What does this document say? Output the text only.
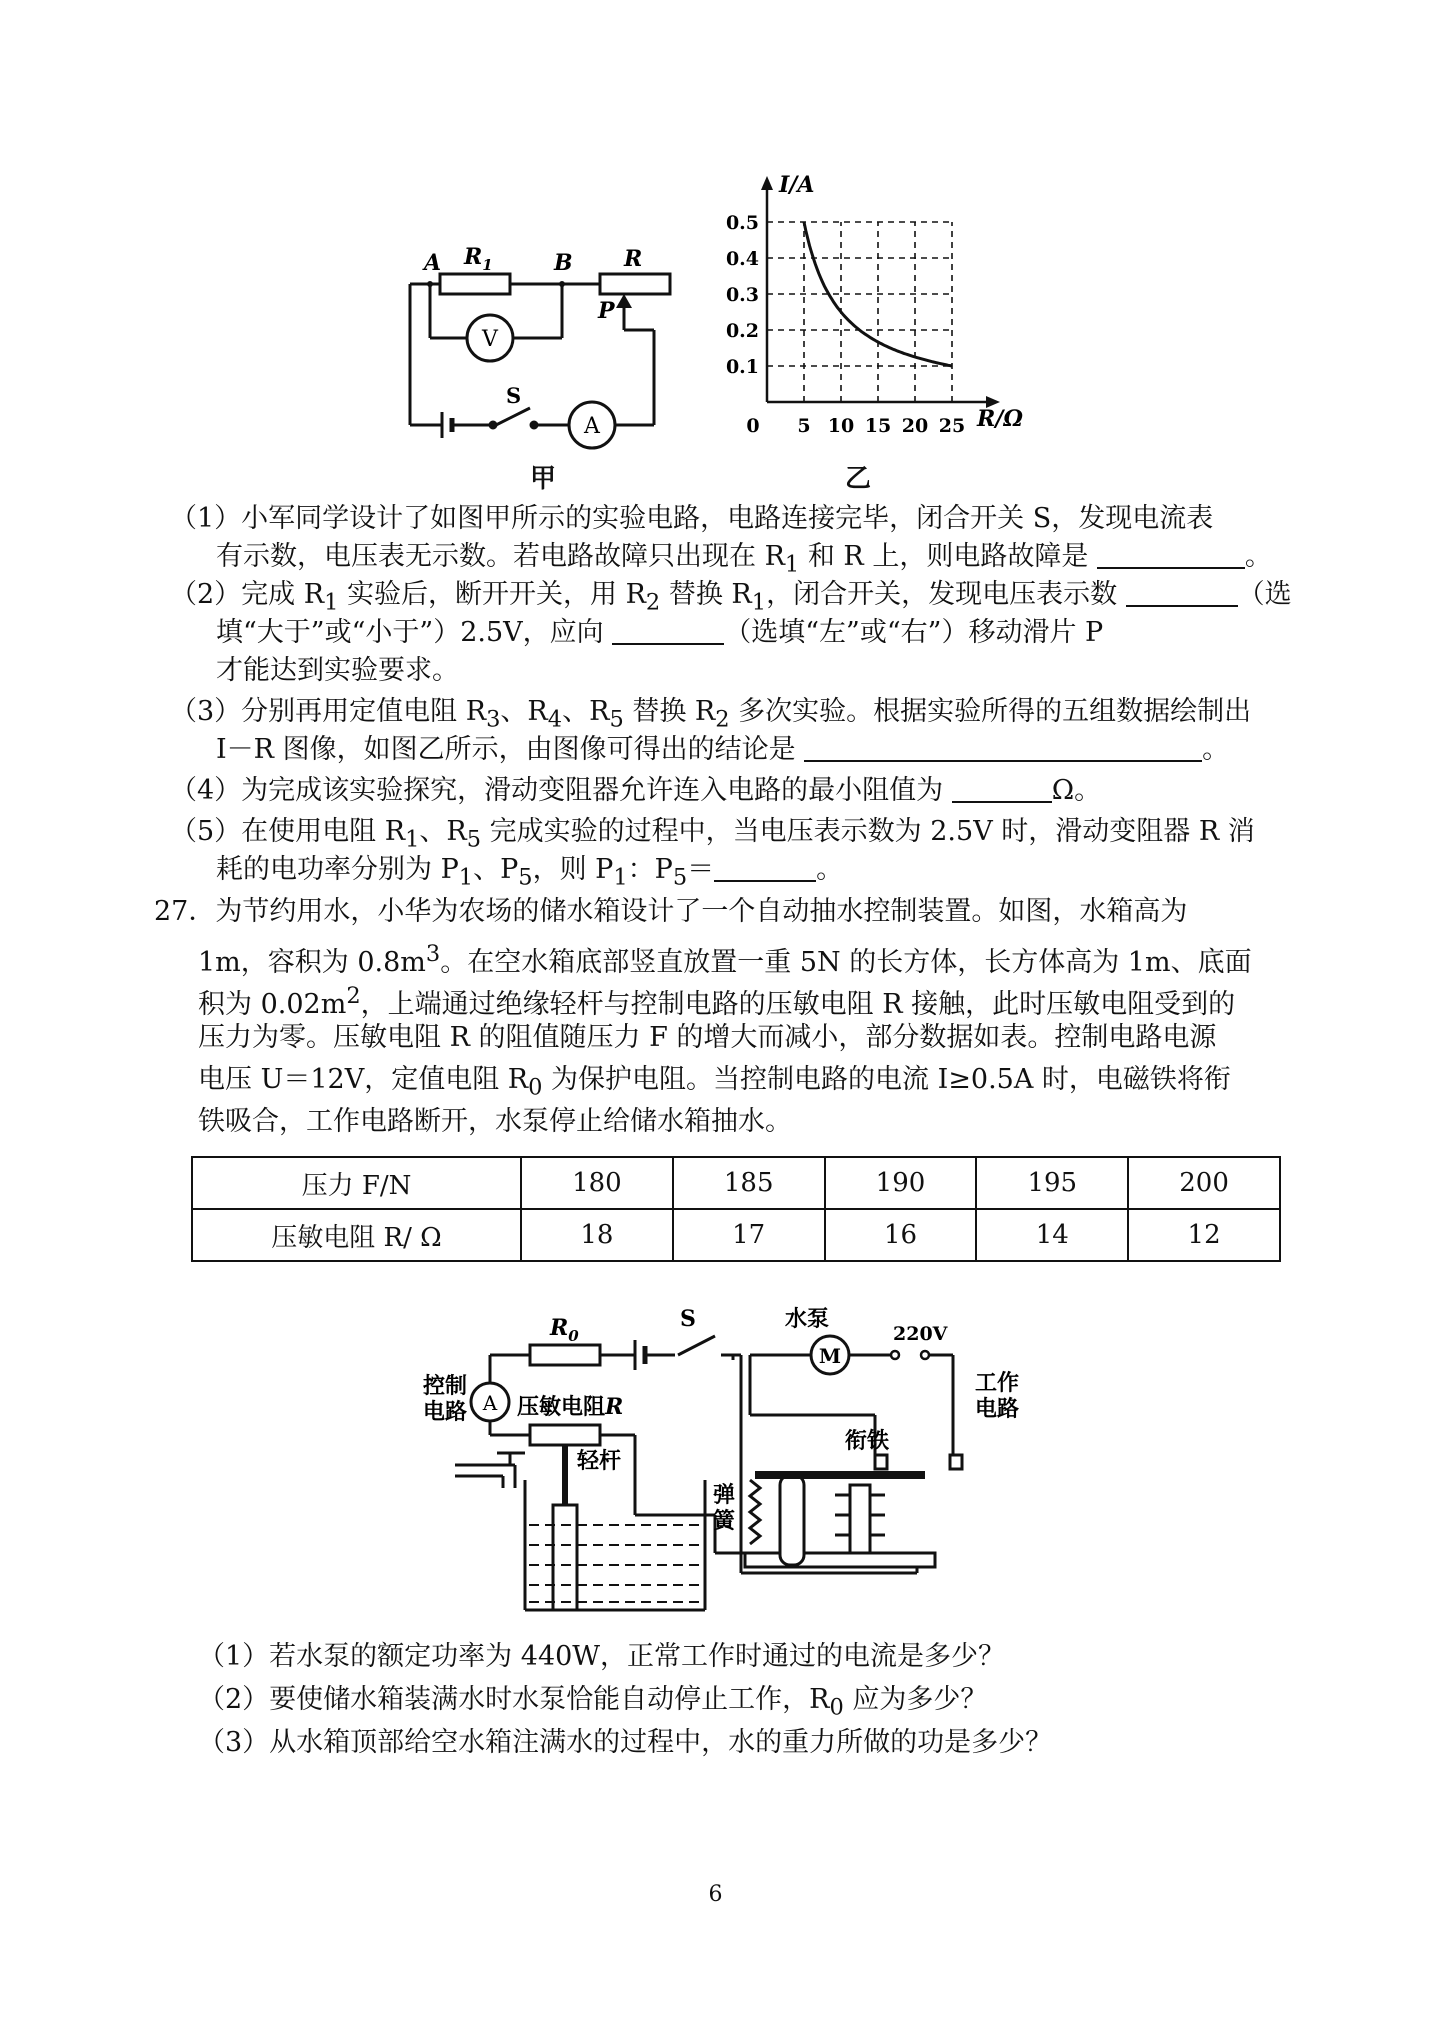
A $R_1$	B R
P
V
S
A
甲
0.5
0.4
0.3
0.2
0.1
0 5 10 15 20 25
I/A
R/Ω
乙
（1）小军同学设计了如图甲所示的实验电路，电路连接完毕，闭合开关 S，发现电流表
有示数，电压表无示数。若电路故障只出现在 $R_1$ 和 R 上，则电路故障是	。
（2）完成 $R_1$ 实验后，断开开关，用 $R_2$ 替换 $R_1$，闭合开关，发现电压表示数	（选
填“大于”或“小于”）2.5V，应向	（选填“左”或“右”）移动滑片 P
才能达到实验要求。
（3）分别再用定值电阻 $R_3$、$R_4$、$R_5$ 替换 $R_2$ 多次实验。根据实验所得的五组数据绘制出
I－R 图像，如图乙所示，由图像可得出的结论是	。
（4）为完成该实验探究，滑动变阻器允许连入电路的最小阻值为	Ω。
（5）在使用电阻 $R_1$、$R_5$ 完成实验的过程中，当电压表示数为 2.5V 时，滑动变阻器 R 消
耗的电功率分别为 $P_1$、$P_5$，则 $P_1$：$P_5=$	。
27．为节约用水，小华为农场的储水箱设计了一个自动抽水控制装置。如图，水箱高为
1m，容积为 $0.8m^3$。在空水箱底部竖直放置一重 5N 的长方体，长方体高为 1m、底面
积为 $0.02m^2$，上端通过绝缘轻杆与控制电路的压敏电阻 R 接触，此时压敏电阻受到的
压力为零。压敏电阻 R 的阻值随压力 F 的增大而减小，部分数据如表。控制电路电源
电压 U＝12V，定值电阻 $R_0$ 为保护电阻。当控制电路的电流 I≥0.5A 时，电磁铁将衔
铁吸合，工作电路断开，水泵停止给储水箱抽水。
压力 F/N	180	185	190	195	200
压敏电阻 R/ Ω	18	17	16	14	12
$R_0$
S	水泵
220V
工作电路
控制电路 A
M
压敏电阻R
轻杆
衔铁
弹簧
（1）若水泵的额定功率为 440W，正常工作时通过的电流是多少？
（2）要使储水箱装满水时水泵恰能自动停止工作，$R_0$ 应为多少？
（3）从水箱顶部给空水箱注满水的过程中，水的重力所做的功是多少？
6
